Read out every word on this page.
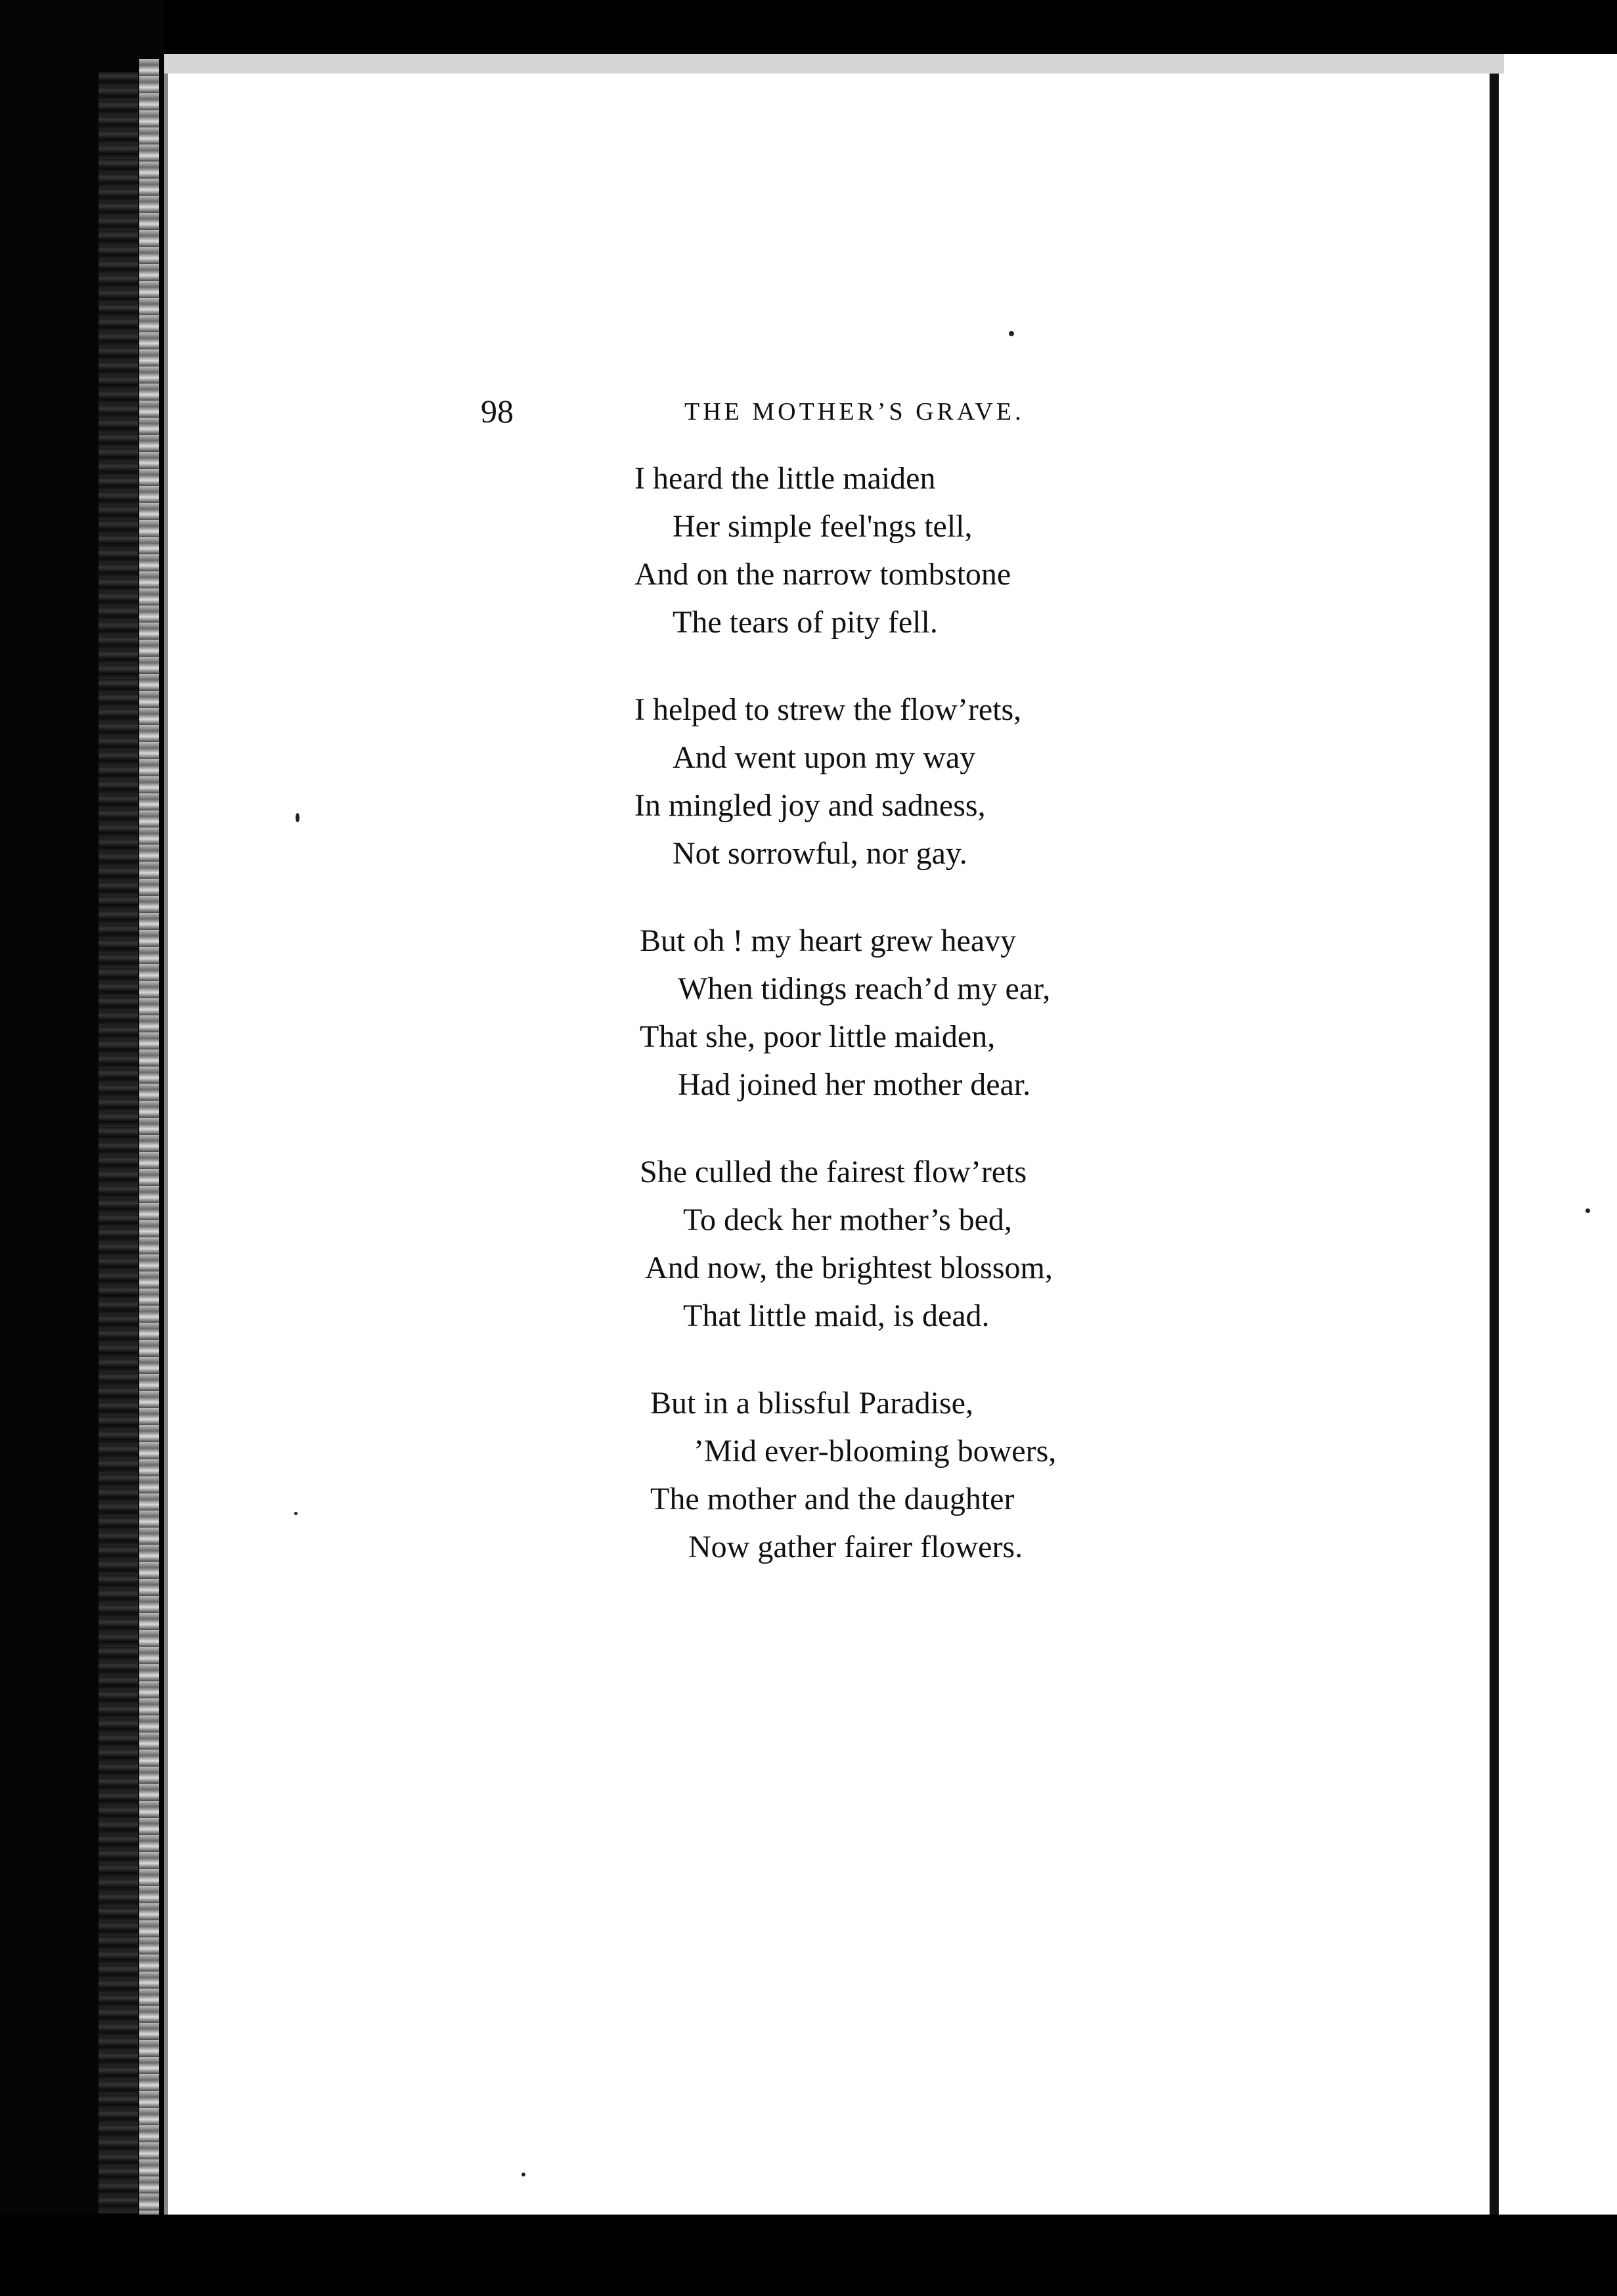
98	THE MOTHER’S GRAVE.
I heard the little maiden
Her simple feel'ngs tell,
And on the narrow tombstone
The tears of pity fell.
I helped to strew the flow’rets,
And went upon my way
In mingled joy and sadness,
Not sorrowful, nor gay.
But oh ! my heart grew heavy
When tidings reach’d my ear,
That she, poor little maiden,
Had joined her mother dear.
She culled the fairest flow’rets
To deck her mother’s bed,
And now, the brightest blossom,
That little maid, is dead.
But in a blissful Paradise,
’Mid ever-blooming bowers,
The mother and the daughter
Now gather fairer flowers.
